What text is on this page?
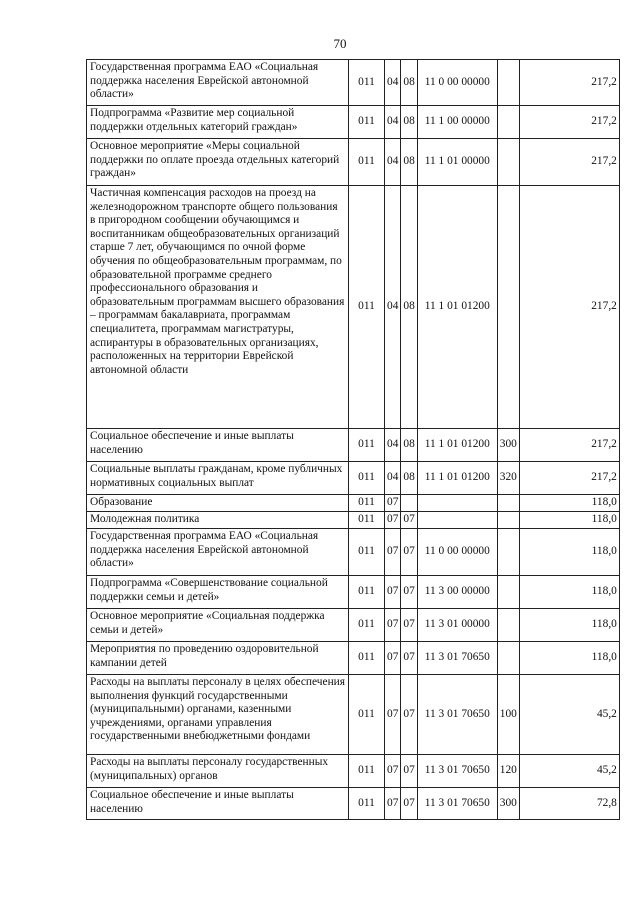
70
Государственная программа ЕАО «Социальная поддержка населения Еврейской автономной области»	011	04	08	11 0 00 00000		217,2
Подпрограмма «Развитие мер социальной поддержки отдельных категорий граждан»	011	04	08	11 1 00 00000		217,2
Основное мероприятие «Меры социальной поддержки по оплате проезда отдельных категорий граждан»	011	04	08	11 1 01 00000		217,2
Частичная компенсация расходов на проезд на железнодорожном транспорте общего пользования в пригородном сообщении обучающимся и воспитанникам общеобразовательных организаций старше 7 лет, обучающимся по очной форме обучения по общеобразовательным программам, по образовательной программе среднего профессионального образования и образовательным программам высшего образования – программам бакалавриата, программам специалитета, программам магистратуры, аспирантуры в образовательных организациях, расположенных на территории Еврейской автономной области	011	04	08	11 1 01 01200		217,2
Социальное обеспечение и иные выплаты населению	011	04	08	11 1 01 01200	300	217,2
Социальные выплаты гражданам, кроме публичных нормативных социальных выплат	011	04	08	11 1 01 01200	320	217,2
Образование	011	07				118,0
Молодежная политика	011	07	07			118,0
Государственная программа ЕАО «Социальная поддержка населения Еврейской автономной области»	011	07	07	11 0 00 00000		118,0
Подпрограмма «Совершенствование социальной поддержки семьи и детей»	011	07	07	11 3 00 00000		118,0
Основное мероприятие «Социальная поддержка семьи и детей»	011	07	07	11 3 01 00000		118,0
Мероприятия по проведению оздоровительной кампании детей	011	07	07	11 3 01 70650		118,0
Расходы на выплаты персоналу в целях обеспечения выполнения функций государственными (муниципальными) органами, казенными учреждениями, органами управления государственными внебюджетными фондами	011	07	07	11 3 01 70650	100	45,2
Расходы на выплаты персоналу государственных (муниципальных) органов	011	07	07	11 3 01 70650	120	45,2
Социальное обеспечение и иные выплаты населению	011	07	07	11 3 01 70650	300	72,8
